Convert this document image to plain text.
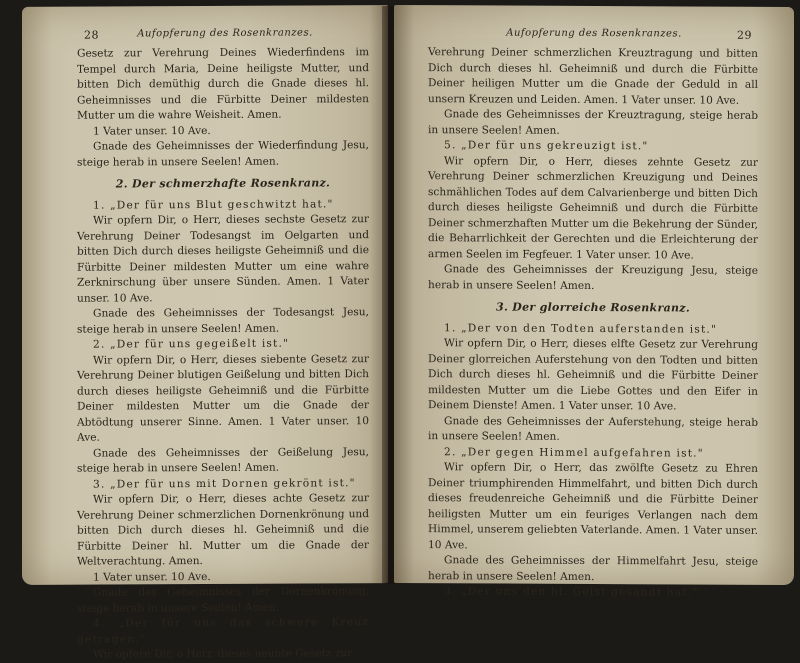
28	Aufopferung des Rosenkranzes.

Gesetz zur Verehrung Deines Wiederfindens im Tempel durch Maria, Deine heiligste Mutter, und bitten Dich demüthig durch die Gnade dieses hl. Geheimnisses und die Fürbitte Deiner mildesten Mutter um die wahre Weisheit. Amen.

1 Vater unser. 10 Ave.

Gnade des Geheimnisses der Wiederfindung Jesu, steige herab in unsere Seelen! Amen.

2. Der schmerzhafte Rosenkranz.

1. „Der für uns Blut geschwitzt hat."

Wir opfern Dir, o Herr, dieses sechste Gesetz zur Verehrung Deiner Todesangst im Oelgarten und bitten Dich durch dieses heiligste Geheimniß und die Fürbitte Deiner mildesten Mutter um eine wahre Zerknirschung über unsere Sünden. Amen. 1 Vater unser. 10 Ave.

Gnade des Geheimnisses der Todesangst Jesu, steige herab in unsere Seelen! Amen.

2. „Der für uns gegeißelt ist."

Wir opfern Dir, o Herr, dieses siebente Gesetz zur Verehrung Deiner blutigen Geißelung und bitten Dich durch dieses heiligste Geheimniß und die Fürbitte Deiner mildesten Mutter um die Gnade der Abtödtung unserer Sinne. Amen. 1 Vater unser. 10 Ave.

Gnade des Geheimnisses der Geißelung Jesu, steige herab in unsere Seelen! Amen.

3. „Der für uns mit Dornen gekrönt ist."

Wir opfern Dir, o Herr, dieses achte Gesetz zur Verehrung Deiner schmerzlichen Dornenkrönung und bitten Dich durch dieses hl. Geheimniß und die Fürbitte Deiner hl. Mutter um die Gnade der Weltverachtung. Amen.

1 Vater unser. 10 Ave.

Gnade des Geheimnisses der Dornenkrönung, steige herab in unsere Seelen! Amen.

4. „Der für uns das schwere Kreuz getragen."

Wir opfern Dir, o Herr, dieses neunte Gesetz zur

Aufopferung des Rosenkranzes.	29

Verehrung Deiner schmerzlichen Kreuztragung und bitten Dich durch dieses hl. Geheimniß und durch die Fürbitte Deiner heiligen Mutter um die Gnade der Geduld in all unsern Kreuzen und Leiden. Amen. 1 Vater unser. 10 Ave.

Gnade des Geheimnisses der Kreuztragung, steige herab in unsere Seelen! Amen.

5. „Der für uns gekreuzigt ist."

Wir opfern Dir, o Herr, dieses zehnte Gesetz zur Verehrung Deiner schmerzlichen Kreuzigung und Deines schmählichen Todes auf dem Calvarienberge und bitten Dich durch dieses heiligste Geheimniß und durch die Fürbitte Deiner schmerzhaften Mutter um die Bekehrung der Sünder, die Beharrlichkeit der Gerechten und die Erleichterung der armen Seelen im Fegfeuer. 1 Vater unser. 10 Ave.

Gnade des Geheimnisses der Kreuzigung Jesu, steige herab in unsere Seelen! Amen.

3. Der glorreiche Rosenkranz.

1. „Der von den Todten auferstanden ist."

Wir opfern Dir, o Herr, dieses elfte Gesetz zur Verehrung Deiner glorreichen Auferstehung von den Todten und bitten Dich durch dieses hl. Geheimniß und die Fürbitte Deiner mildesten Mutter um die Liebe Gottes und den Eifer in Deinem Dienste! Amen. 1 Vater unser. 10 Ave.

Gnade des Geheimnisses der Auferstehung, steige herab in unsere Seelen! Amen.

2. „Der gegen Himmel aufgefahren ist."

Wir opfern Dir, o Herr, das zwölfte Gesetz zu Ehren Deiner triumphirenden Himmelfahrt, und bitten Dich durch dieses freudenreiche Geheimniß und die Fürbitte Deiner heiligsten Mutter um ein feuriges Verlangen nach dem Himmel, unserem geliebten Vaterlande. Amen. 1 Vater unser. 10 Ave.

Gnade des Geheimnisses der Himmelfahrt Jesu, steige herab in unsere Seelen! Amen.

3. „Der uns den hl. Geist gesandt hat."
